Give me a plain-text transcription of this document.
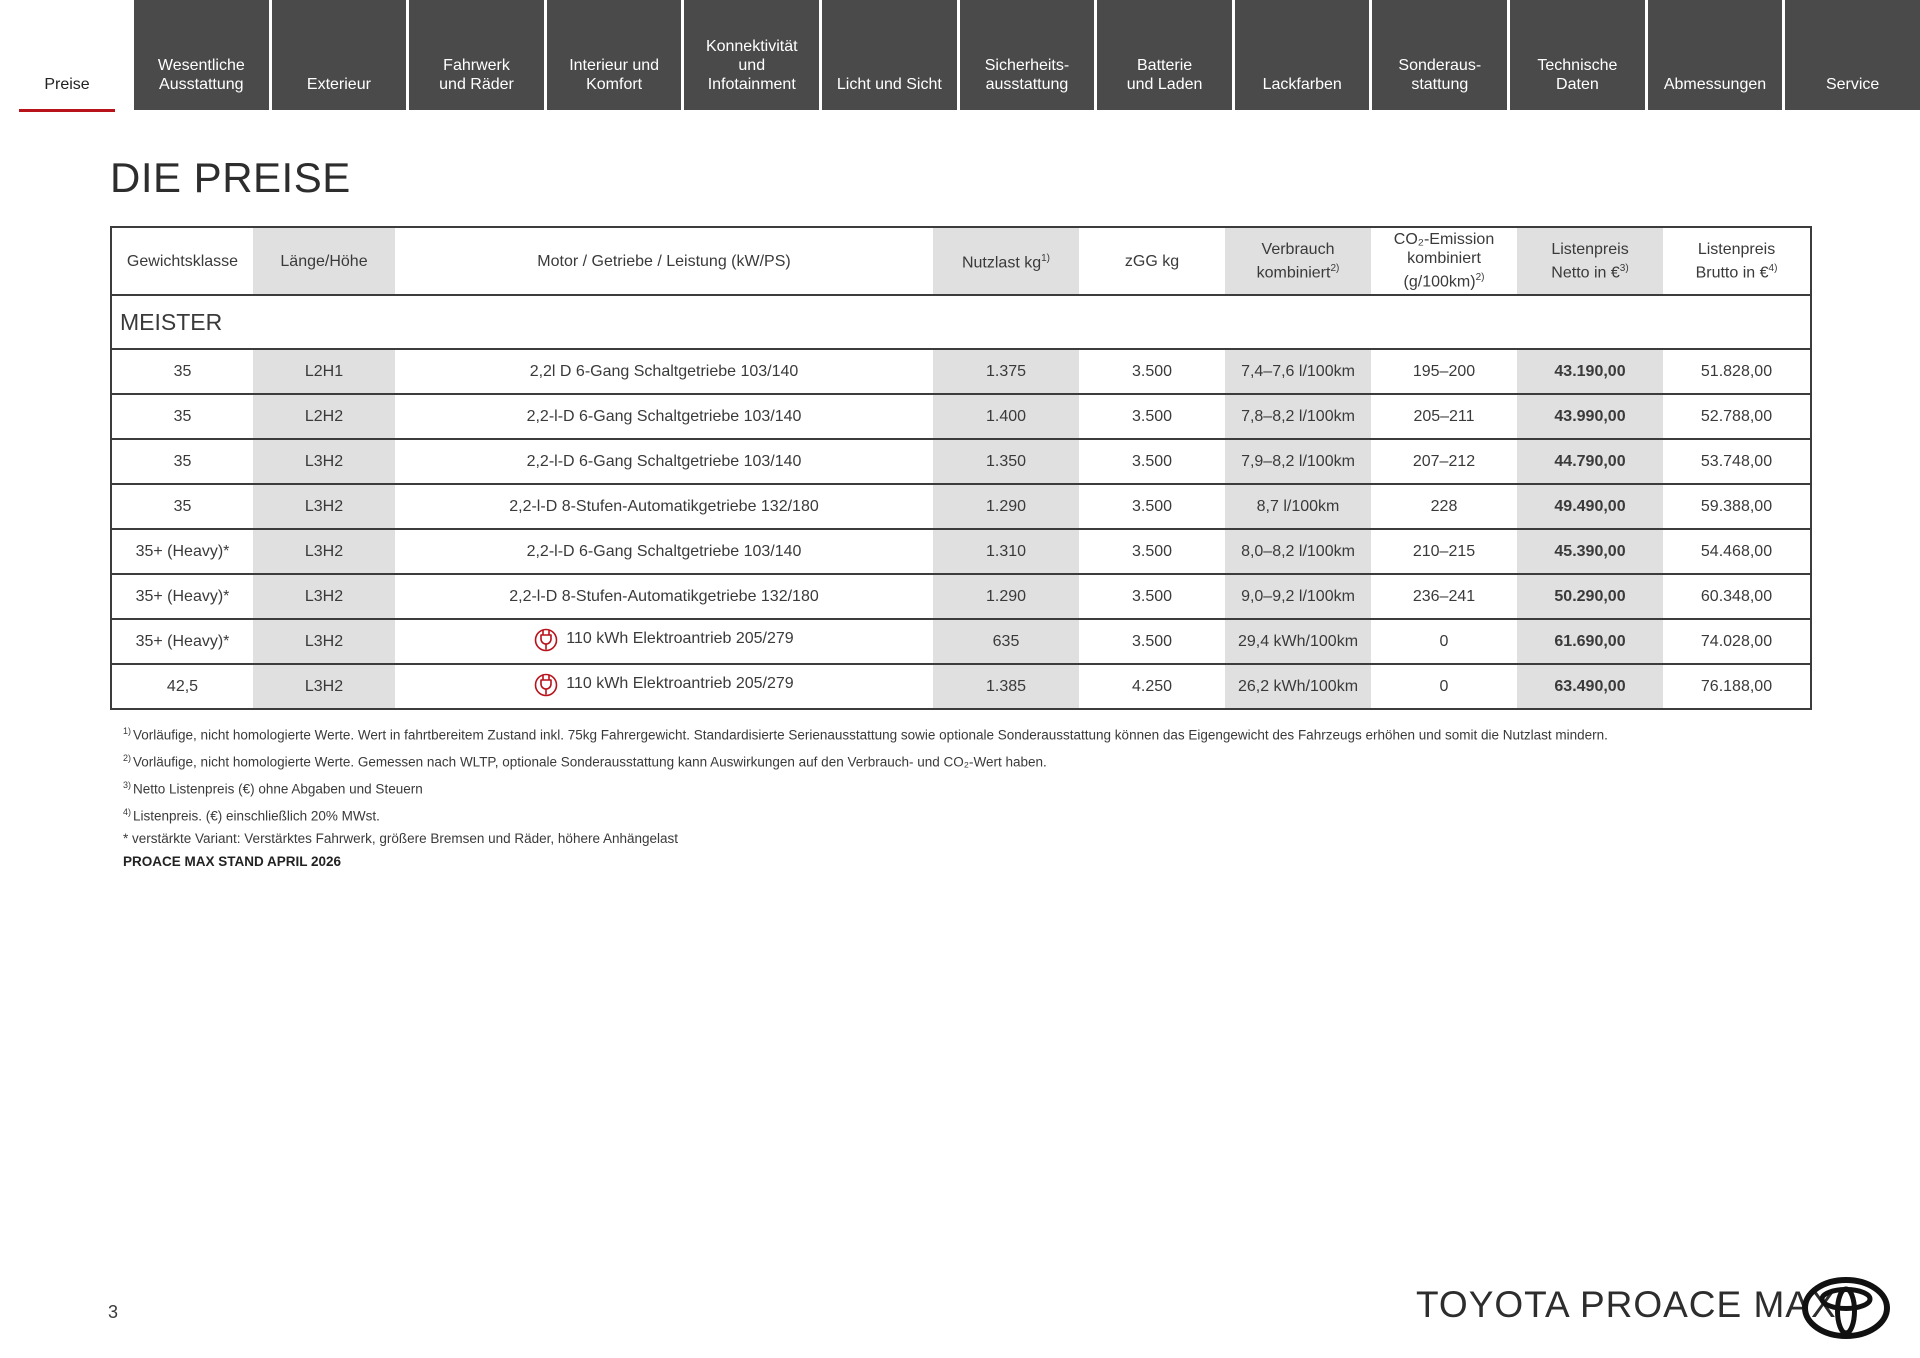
Preise
Wesentliche
Ausstattung	Exterieur
Fahrwerk
und Räder
Interieur und
Komfort
Konnektivität
und
Infotainment	Licht und Sicht
Sicherheits-
ausstattung
Batterie
und Laden	Lackfarben
Sonderaus-
stattung
Technische
Daten	Abmessungen	Service
DIE PREISE
Gewichtsklasse	Länge/Höhe	Motor / Getriebe / Leistung (kW/PS)	Nutzlast $kg^{1)}$	zGG kg	Verbrauch
kombiniert$^{2)}$	CO₂-Emission
kombiniert
$(g/100km)^{2)}$	Listenpreis
Netto in €$^{3)}$	Listenpreis
Brutto in €$^{4)}$
MEISTER								
35	L2H1	2,2l D 6-Gang Schaltgetriebe 103/140	1.375	3.500	7,4–7,6 l/100km	195–200	43.190,00	51.828,00
35	L2H2	2,2-l-D 6-Gang Schaltgetriebe 103/140	1.400	3.500	7,8–8,2 l/100km	205–211	43.990,00	52.788,00
35	L3H2	2,2-l-D 6-Gang Schaltgetriebe 103/140	1.350	3.500	7,9–8,2 l/100km	207–212	44.790,00	53.748,00
35	L3H2	2,2-l-D 8-Stufen-Automatikgetriebe 132/180	1.290	3.500	8,7 l/100km	228	49.490,00	59.388,00
35+ (Heavy)*	L3H2	2,2-l-D 6-Gang Schaltgetriebe 103/140	1.310	3.500	8,0–8,2 l/100km	210–215	45.390,00	54.468,00
35+ (Heavy)*	L3H2	2,2-l-D 8-Stufen-Automatikgetriebe 132/180	1.290	3.500	9,0–9,2 l/100km	236–241	50.290,00	60.348,00
35+ (Heavy)*	L3H2	110 kWh Elektroantrieb 205/279	635	3.500	29,4 kWh/100km	0	61.690,00	74.028,00
42,5	L3H2	110 kWh Elektroantrieb 205/279	1.385	4.250	26,2 kWh/100km	0	63.490,00	76.188,00
$^{1)}$ Vorläufige, nicht homologierte Werte. Wert in fahrtbereitem Zustand inkl. 75kg Fahrergewicht. Standardisierte Serienausstattung sowie optionale Sonderausstattung können das Eigengewicht des Fahrzeugs erhöhen und somit die Nutzlast mindern.
$^{2)}$ Vorläufige, nicht homologierte Werte. Gemessen nach WLTP, optionale Sonderausstattung kann Auswirkungen auf den Verbrauch- und CO₂-Wert haben.
$^{3)}$ Netto Listenpreis (€) ohne Abgaben und Steuern
$^{4)}$ Listenpreis. (€) einschließlich 20% MWst.
* verstärkte Variant: Verstärktes Fahrwerk, größere Bremsen und Räder, höhere Anhängelast
PROACE MAX STAND APRIL 2026
3	TOYOTA PROACE MAX
